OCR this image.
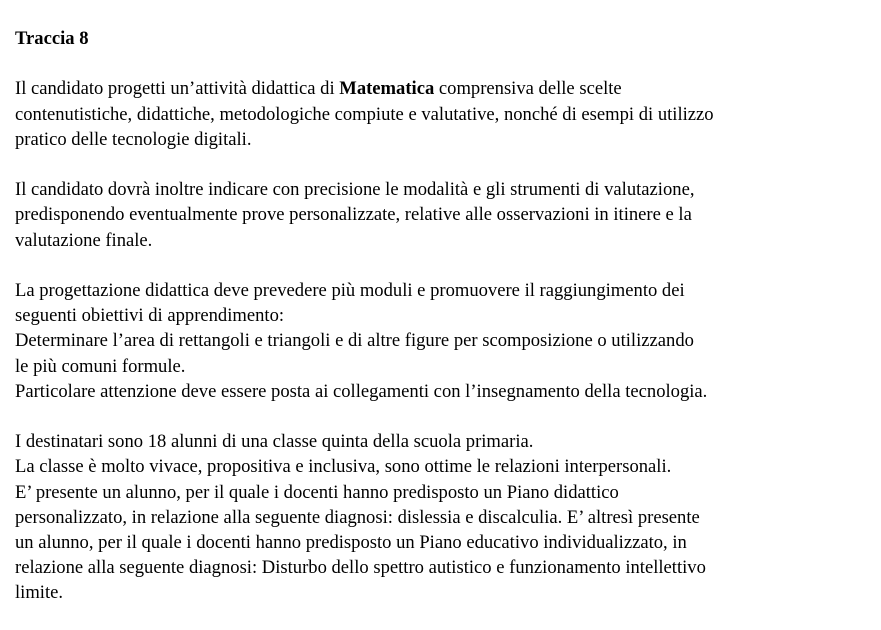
Traccia 8
Il candidato progetti un’attività didattica di Matematica comprensiva delle scelte
contenutistiche, didattiche, metodologiche compiute e valutative, nonché di esempi di utilizzo
pratico delle tecnologie digitali.
Il candidato dovrà inoltre indicare con precisione le modalità e gli strumenti di valutazione,
predisponendo eventualmente prove personalizzate, relative alle osservazioni in itinere e la
valutazione finale.
La progettazione didattica deve prevedere più moduli e promuovere il raggiungimento dei
seguenti obiettivi di apprendimento:
Determinare l’area di rettangoli e triangoli e di altre figure per scomposizione o utilizzando
le più comuni formule.
Particolare attenzione deve essere posta ai collegamenti con l’insegnamento della tecnologia.
I destinatari sono 18 alunni di una classe quinta della scuola primaria.
La classe è molto vivace, propositiva e inclusiva, sono ottime le relazioni interpersonali.
E’ presente un alunno, per il quale i docenti hanno predisposto un Piano didattico
personalizzato, in relazione alla seguente diagnosi: dislessia e discalculia. E’ altresì presente
un alunno, per il quale i docenti hanno predisposto un Piano educativo individualizzato, in
relazione alla seguente diagnosi: Disturbo dello spettro autistico e funzionamento intellettivo
limite.
